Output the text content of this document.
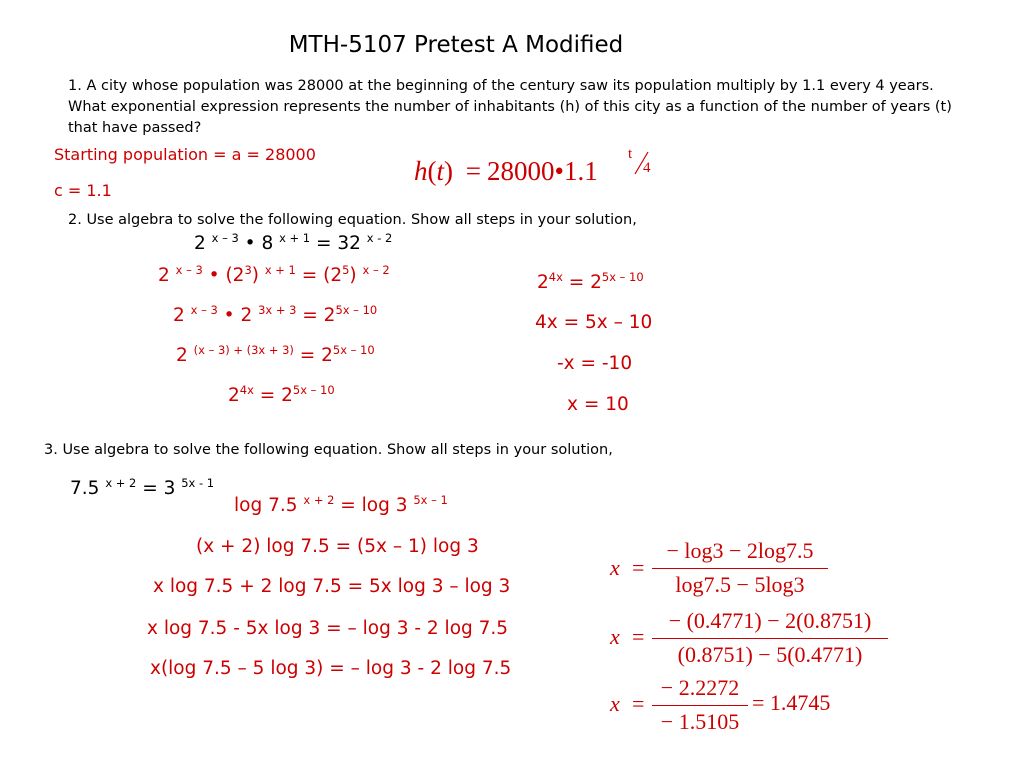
MTH-5107 Pretest A Modified
1. A city whose population was 28000 at the beginning of the century saw its population multiply by 1.1 every 4 years. What exponential expression represents the number of inhabitants (h) of this city as a function of the number of years (t) that have passed?
Starting population = a = 28000
c = 1.1
h(t) = 28000•1.1
t
4
2. Use algebra to solve the following equation. Show all steps in your solution,
2 $^{x - 3}$ • 8 $^{x + 1}$ = 32 $^{x - 2}$
2 $^{x - 3}$ • $(2^3) ^{x + 1} = (2^5)$ $^{x - 2}$
2 $^{x - 3}$ • 2 $^{3x + 3} = 2^{5x - 10}$
2 $^{(x - 3) + (3x + 3)} = 2^{5x - 10}$
$2^{4x} = 2^{5x - 10}$
$2^{4x} = 2^{5x - 10}$
4x = 5x – 10
-x = -10
x = 10
3. Use algebra to solve the following equation. Show all steps in your solution,
7.5 $^{x + 2}$ = 3 $^{5x - 1}$
log 7.5 $^{x + 2}$ = log 3 $^{5x - 1}$
(x + 2) log 7.5 = (5x – 1) log 3
x log 7.5 + 2 log 7.5 = 5x log 3 – log 3
x log 7.5 - 5x log 3 = – log 3 - 2 log 7.5
x(log 7.5 – 5 log 3) = – log 3 - 2 log 7.5
x =
− log3 − 2log7.5
log7.5 − 5log3
x =
− (0.4771) − 2(0.8751)
(0.8751) − 5(0.4771)
x =
− 2.2272
− 1.5105
= 1.4745
